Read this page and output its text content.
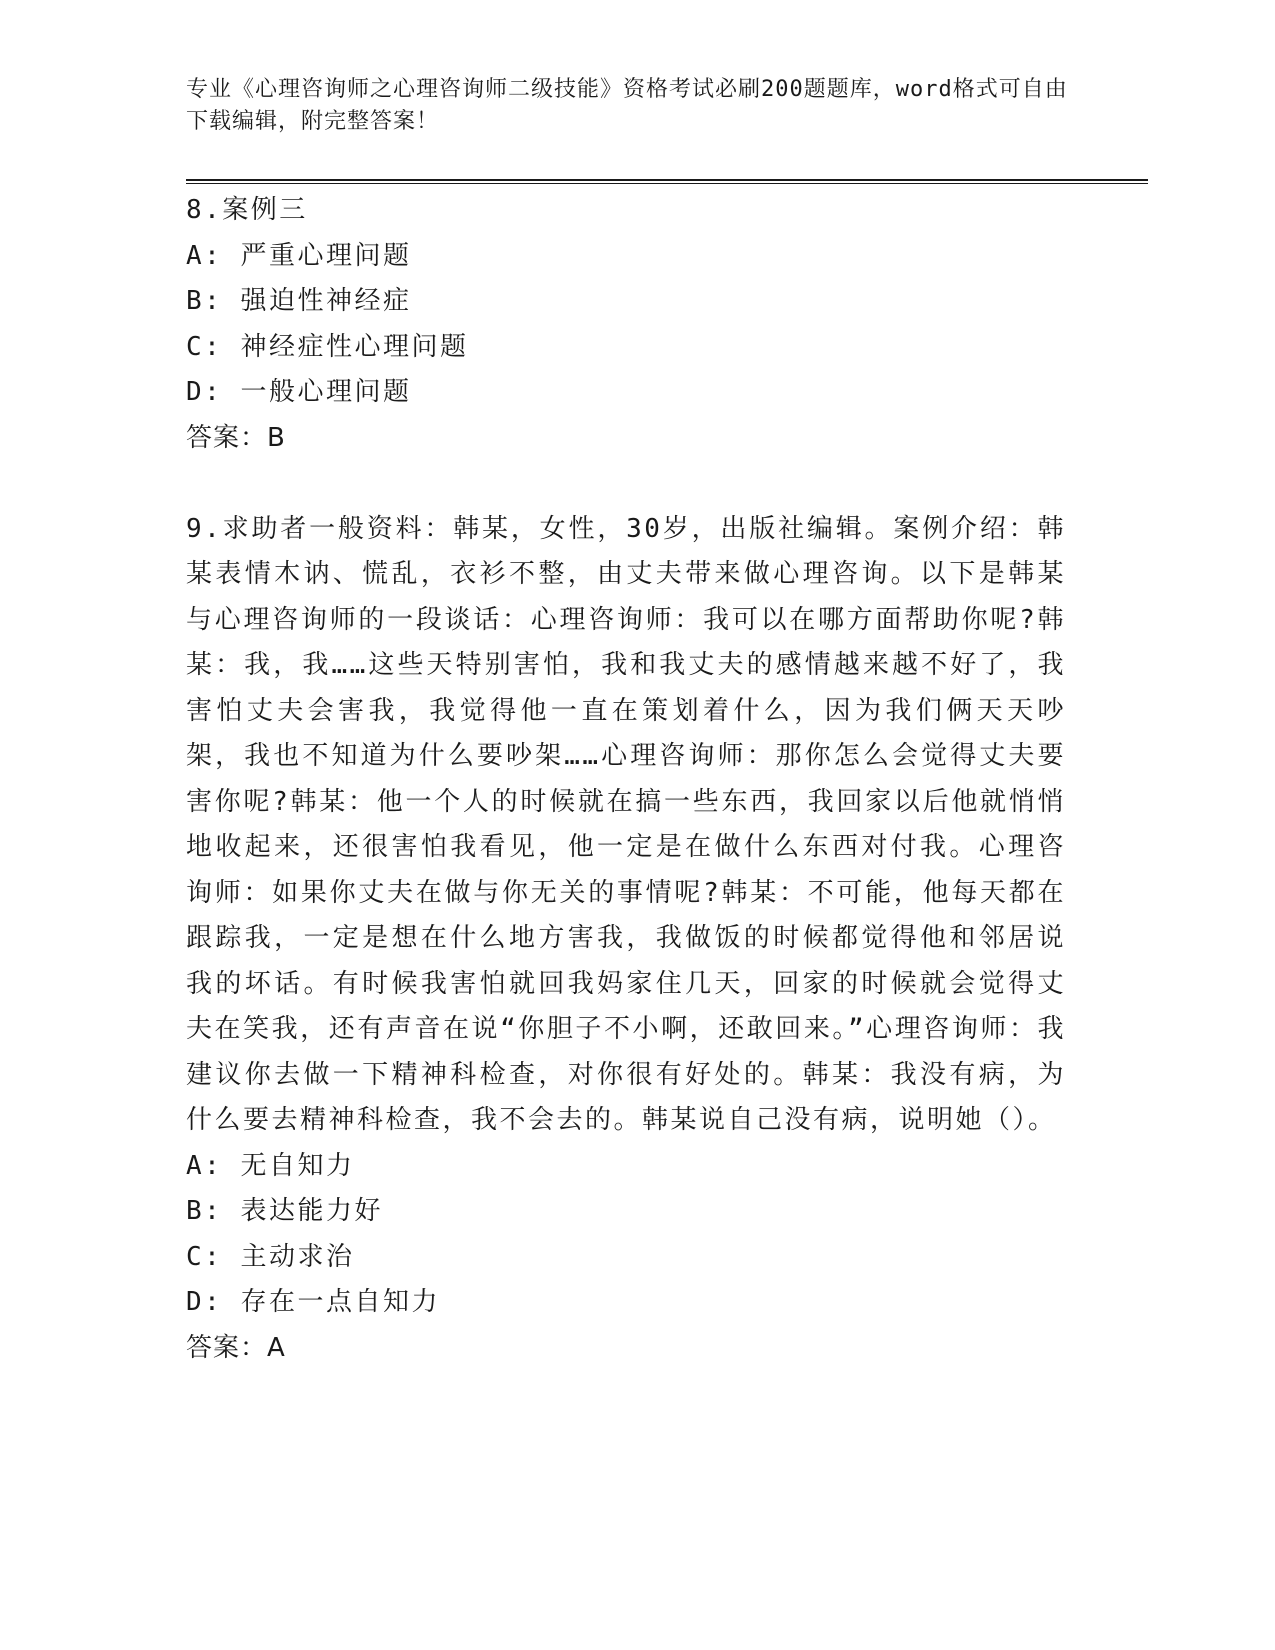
专业《心理咨询师之心理咨询师二级技能》资格考试必刷200题题库，word格式可自由下载编辑，附完整答案！
8.案例三
A: 严重心理问题
B: 强迫性神经症
C: 神经症性心理问题
D: 一般心理问题
答案：B
9.求助者一般资料：韩某，女性，30岁，出版社编辑。案例介绍：韩某表情木讷、慌乱，衣衫不整，由丈夫带来做心理咨询。以下是韩某与心理咨询师的一段谈话：心理咨询师：我可以在哪方面帮助你呢?韩某：我，我……这些天特别害怕，我和我丈夫的感情越来越不好了，我害怕丈夫会害我，我觉得他一直在策划着什么，因为我们俩天天吵架，我也不知道为什么要吵架……心理咨询师：那你怎么会觉得丈夫要害你呢?韩某：他一个人的时候就在搞一些东西，我回家以后他就悄悄地收起来，还很害怕我看见，他一定是在做什么东西对付我。心理咨询师：如果你丈夫在做与你无关的事情呢?韩某：不可能，他每天都在跟踪我，一定是想在什么地方害我，我做饭的时候都觉得他和邻居说我的坏话。有时候我害怕就回我妈家住几天，回家的时候就会觉得丈夫在笑我，还有声音在说“你胆子不小啊，还敢回来。”心理咨询师：我建议你去做一下精神科检查，对你很有好处的。韩某：我没有病，为什么要去精神科检查，我不会去的。韩某说自己没有病，说明她（）。
A: 无自知力
B: 表达能力好
C: 主动求治
D: 存在一点自知力
答案：A
